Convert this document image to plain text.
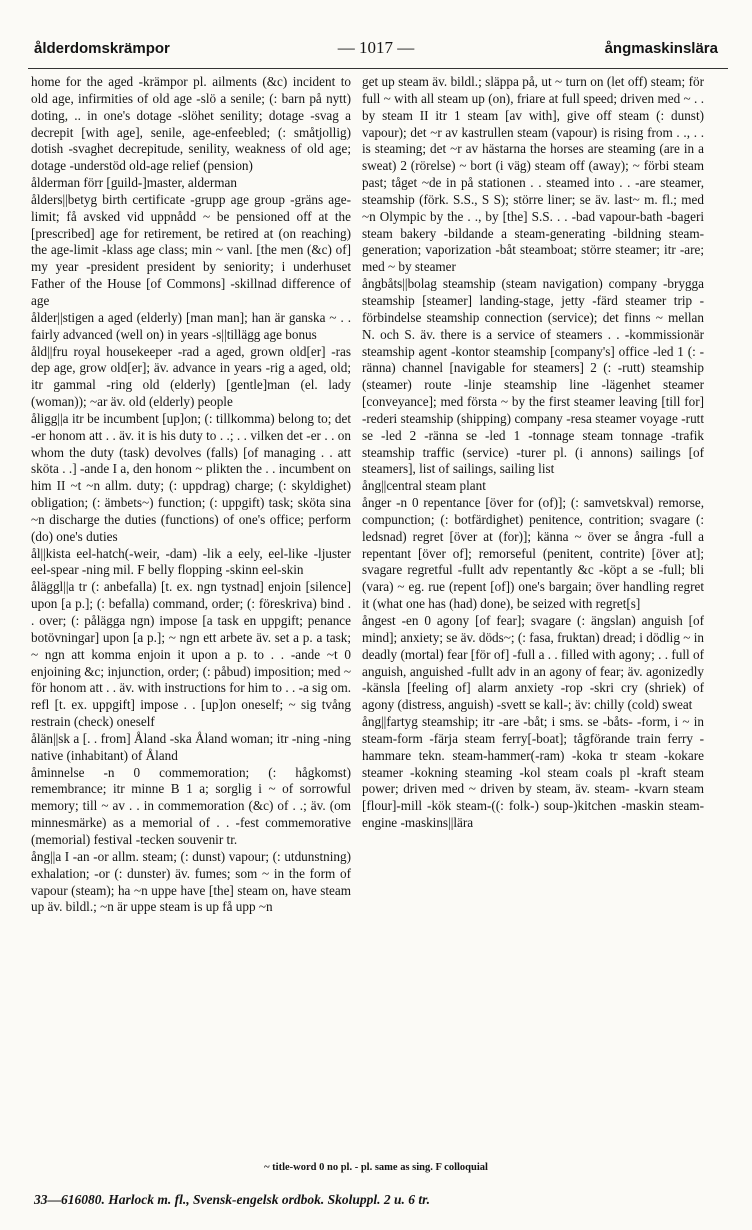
ålderdomskrämpor	— 1017 —	ångmaskinslära
home for the aged -krämpor pl. ailments (&c) incident to old age, infirmities of old age -slö a senile; (: barn på nytt) doting, .. in one's dotage -slöhet senility; dotage -svag a decrepit [with age], senile, age-enfeebled; (: småtjollig) dotish -svaghet decrepitude, senility, weakness of old age; dotage -understöd old-age relief (pension)
ålderman förr [guild-]master, alderman
ålders||betyg birth certificate -grupp age group -gräns age-limit; få avsked vid uppnådd ~ be pensioned off at the [prescribed] age for retirement, be retired at (on reaching) the age-limit -klass age class; min ~ vanl. [the men (&c) of] my year -president president by seniority; i underhuset Father of the House [of Commons] -skillnad difference of age
ålder||stigen a aged (elderly) [man man]; han är ganska ~ . . fairly advanced (well on) in years -s||tillägg age bonus
åld||fru royal housekeeper -rad a aged, grown old[er] -ras dep age, grow old[er]; äv. advance in years -rig a aged, old; itr gammal -ring old (elderly) [gentle]man (el. lady (woman)); ~ar äv. old (elderly) people
åligg||a itr be incumbent [up]on; (: tillkomma) belong to; det -er honom att . . äv. it is his duty to . .; . . vilken det -er . . on whom the duty (task) devolves (falls) [of managing . . att sköta . .] -ande I a, den honom ~ plikten the . . incumbent on him II ~t ~n allm. duty; (: uppdrag) charge; (: skyldighet) obligation; (: ämbets~) function; (: uppgift) task; sköta sina ~n discharge the duties (functions) of one's office; perform (do) one's duties
ål||kista eel-hatch(-weir, -dam) -lik a eely, eel-like -ljuster eel-spear -ning mil. F belly flopping -skinn eel-skin
åläggl||a tr (: anbefalla) [t. ex. ngn tystnad] enjoin [silence] upon [a p.]; (: befalla) command, order; (: föreskriva) bind . . over; (: pålägga ngn) impose [a task en uppgift; penance botövningar] upon [a p.]; ~ ngn ett arbete äv. set a p. a task; ~ ngn att komma enjoin it upon a p. to . . -ande ~t 0 enjoining &c; injunction, order; (: påbud) imposition; med ~ för honom att . . äv. with instructions for him to . . -a sig om. refl [t. ex. uppgift] impose . . [up]on oneself; ~ sig tvång restrain (check) oneself
ålän||sk a [. . from] Åland -ska Åland woman; itr -ning -ning native (inhabitant) of Åland
åminnelse -n 0 commemoration; (: hågkomst) remembrance; itr minne B 1 a; sorglig i ~ of sorrowful memory; till ~ av . . in commemoration (&c) of . .; äv. (om minnesmärke) as a memorial of . . -fest commemorative (memorial) festival -tecken souvenir tr.
ång||a I -an -or allm. steam; (: dunst) vapour; (: utdunstning) exhalation; -or (: dunster) äv. fumes; som ~ in the form of vapour (steam); ha ~n uppe have [the] steam on, have steam up äv. bildl.; ~n är uppe steam is up få upp ~n
get up steam äv. bildl.; släppa på, ut ~ turn on (let off) steam; för full ~ with all steam up (on), friare at full speed; driven med ~ . . by steam II itr 1 steam [av with], give off steam (: dunst) vapour); det ~r av kastrullen steam (vapour) is rising from . ., . . is steaming; det ~r av hästarna the horses are steaming (are in a sweat) 2 (rörelse) ~ bort (i väg) steam off (away); ~ förbi steam past; tåget ~de in på stationen . . steamed into . . -are steamer, steamship (förk. S.S., S S); större liner; se äv. last~ m. fl.; med ~n Olympic by the . ., by [the] S.S. . . -bad vapour-bath -bageri steam bakery -bildande a steam-generating -bildning steam-generation; vaporization -båt steamboat; större steamer; itr -are; med ~ by steamer
ångbåts||bolag steamship (steam navigation) company -brygga steamship [steamer] landing-stage, jetty -färd steamer trip -förbindelse steamship connection (service); det finns ~ mellan N. och S. äv. there is a service of steamers . . -kommissionär steamship agent -kontor steamship [company's] office -led 1 (: -ränna) channel [navigable for steamers] 2 (: -rutt) steamship (steamer) route -linje steamship line -lägenhet steamer [conveyance]; med första ~ by the first steamer leaving [till for] -rederi steamship (shipping) company -resa steamer voyage -rutt se -led 2 -ränna se -led 1 -tonnage steam tonnage -trafik steamship traffic (service) -turer pl. (i annons) sailings [of steamers], list of sailings, sailing list
ång||central steam plant
ånger -n 0 repentance [över for (of)]; (: samvetskval) remorse, compunction; (: botfärdighet) penitence, contrition; svagare (: ledsnad) regret [över at (for)]; känna ~ över se ångra -full a repentant [över of]; remorseful (penitent, contrite) [över at]; svagare regretful -fullt adv repentantly &c -köpt a se -full; bli (vara) ~ eg. rue (repent [of]) one's bargain; över handling regret it (what one has (had) done), be seized with regret[s]
ångest -en 0 agony [of fear]; svagare (: ängslan) anguish [of mind]; anxiety; se äv. döds~; (: fasa, fruktan) dread; i dödlig ~ in deadly (mortal) fear [för of] -full a . . filled with agony; . . full of anguish, anguished -fullt adv in an agony of fear; äv. agonizedly -känsla [feeling of] alarm anxiety -rop -skri cry (shriek) of agony (distress, anguish) -svett se kall-; äv: chilly (cold) sweat
ång||fartyg steamship; itr -are -båt; i sms. se -båts- -form, i ~ in steam-form -färja steam ferry[-boat]; tågförande train ferry -hammare tekn. steam-hammer(-ram) -koka tr steam -kokare steamer -kokning steaming -kol steam coals pl -kraft steam power; driven med ~ driven by steam, äv. steam- -kvarn steam [flour]-mill -kök steam-((: folk-) soup-)kitchen -maskin steam-engine -maskins||lära
~ title-word 0 no pl. - pl. same as sing. F colloquial
33—616080. Harlock m. fl., Svensk-engelsk ordbok. Skoluppl. 2 u. 6 tr.
